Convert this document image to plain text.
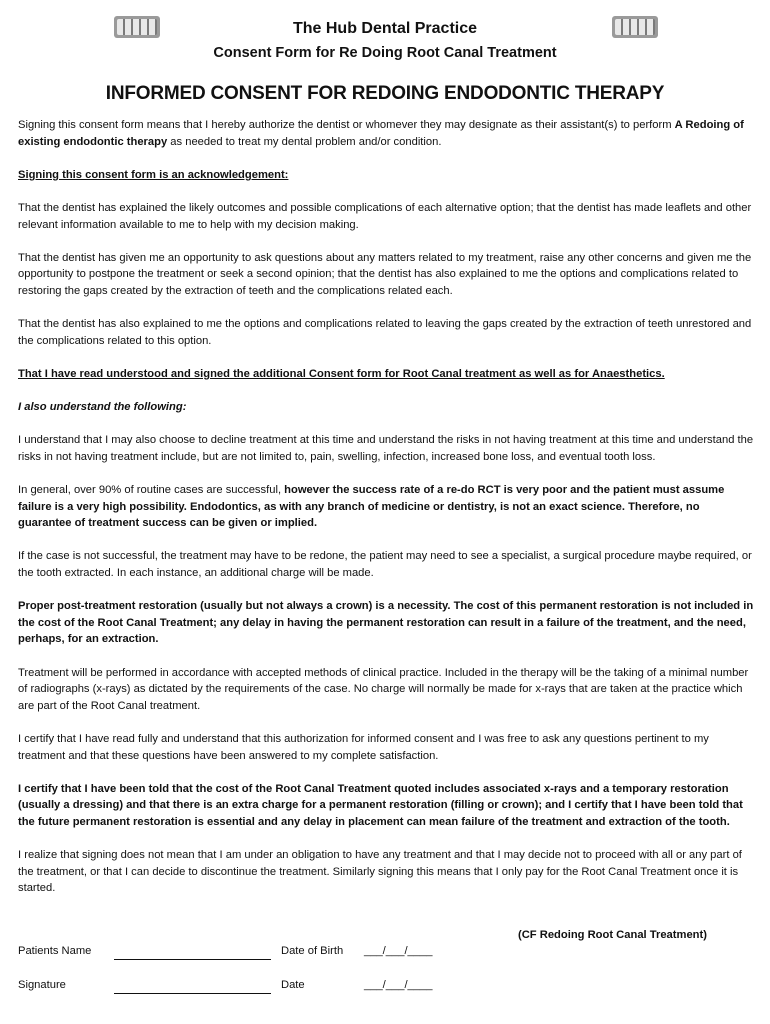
The Hub Dental Practice
Consent Form for Re Doing Root Canal Treatment
INFORMED CONSENT FOR REDOING ENDODONTIC THERAPY

Signing this consent form means that I hereby authorize the dentist or whomever they may designate as their assistant(s) to perform A Redoing of existing endodontic therapy as needed to treat my dental problem and/or condition.

Signing this consent form is an acknowledgement:

That the dentist has explained the likely outcomes and possible complications of each alternative option; that the dentist has made leaflets and other relevant information available to me to help with my decision making.

That the dentist has given me an opportunity to ask questions about any matters related to my treatment, raise any other concerns and given me the opportunity to postpone the treatment or seek a second opinion; that the dentist has also explained to me the options and complications related to restoring the gaps created by the extraction of teeth and the complications related each.

That the dentist has also explained to me the options and complications related to leaving the gaps created by the extraction of teeth unrestored and the complications related to this option.

That I have read understood and signed the additional Consent form for Root Canal treatment as well as for Anaesthetics.

I also understand the following:

I understand that I may also choose to decline treatment at this time and understand the risks in not having treatment at this time and understand the risks in not having treatment include, but are not limited to, pain, swelling, infection, increased bone loss, and eventual tooth loss.

In general, over 90% of routine cases are successful, however the success rate of a re-do RCT is very poor and the patient must assume failure is a very high possibility. Endodontics, as with any branch of medicine or dentistry, is not an exact science. Therefore, no guarantee of treatment success can be given or implied.

If the case is not successful, the treatment may have to be redone, the patient may need to see a specialist, a surgical procedure maybe required, or the tooth extracted. In each instance, an additional charge will be made.

Proper post-treatment restoration (usually but not always a crown) is a necessity. The cost of this permanent restoration is not included in the cost of the Root Canal Treatment; any delay in having the permanent restoration can result in a failure of the treatment, and the need, perhaps, for an extraction.

Treatment will be performed in accordance with accepted methods of clinical practice. Included in the therapy will be the taking of a minimal number of radiographs (x-rays) as dictated by the requirements of the case. No charge will normally be made for x-rays that are taken at the practice which are part of the Root Canal treatment.

I certify that I have read fully and understand that this authorization for informed consent and I was free to ask any questions pertinent to my treatment and that these questions have been answered to my complete satisfaction.

I certify that I have been told that the cost of the Root Canal Treatment quoted includes associated x-rays and a temporary restoration (usually a dressing) and that there is an extra charge for a permanent restoration (filling or crown); and I certify that I have been told that the future permanent restoration is essential and any delay in placement can mean failure of the treatment and extraction of the tooth.

I realize that signing does not mean that I am under an obligation to have any treatment and that I may decide not to proceed with all or any part of the treatment, or that I can decide to discontinue the treatment. Similarly signing this means that I only pay for the Root Canal Treatment once it is started.

(CF Redoing Root Canal Treatment)
Patients Name	Date of Birth ___/___/____
Signature	Date	___/___/____
